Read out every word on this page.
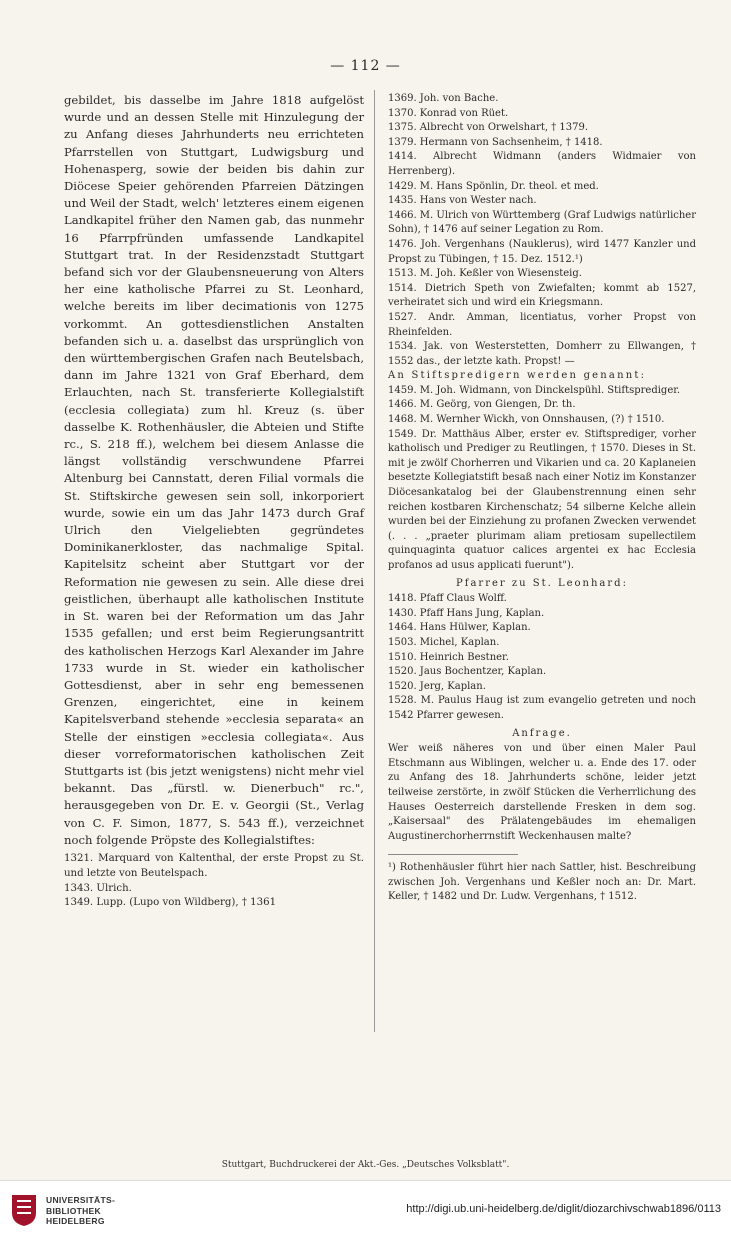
— 112 —

gebildet, bis dasselbe im Jahre 1818 aufgelöst wurde und an dessen Stelle mit Hinzulegung der zu Anfang dieses Jahrhunderts neu errichteten Pfarrstellen von Stuttgart, Ludwigsburg und Hohenasperg, sowie der beiden bis dahin zur Diöcese Speier gehörenden Pfarreien Dätzingen und Weil der Stadt, welch' letzteres einem eigenen Landkapitel früher den Namen gab, das nunmehr 16 Pfarrpfründen umfassende Landkapitel Stuttgart trat. In der Residenzstadt Stuttgart befand sich vor der Glaubensneuerung von Alters her eine katholische Pfarrei zu St. Leonhard, welche bereits im liber decimationis von 1275 vorkommt. An gottesdienstlichen Anstalten befanden sich u. a. daselbst das ursprünglich von den württembergischen Grafen nach Beutelsbach, dann im Jahre 1321 von Graf Eberhard, dem Erlauchten, nach St. transferierte Kollegialstift (ecclesia collegiata) zum hl. Kreuz (s. über dasselbe K. Rothenhäusler, die Abteien und Stifte rc., S. 218 ff.), welchem bei diesem Anlasse die längst vollständig verschwundene Pfarrei Altenburg bei Cannstatt, deren Filial vormals die St. Stiftskirche gewesen sein soll, inkorporiert wurde, sowie ein um das Jahr 1473 durch Graf Ulrich den Vielgeliebten gegründetes Dominikanerkloster, das nachmalige Spital. Kapitelsitz scheint aber Stuttgart vor der Reformation nie gewesen zu sein. Alle diese drei geistlichen, überhaupt alle katholischen Institute in St. waren bei der Reformation um das Jahr 1535 gefallen; und erst beim Regierungsantritt des katholischen Herzogs Karl Alexander im Jahre 1733 wurde in St. wieder ein katholischer Gottesdienst, aber in sehr eng bemessenen Grenzen, eingerichtet, eine in keinem Kapitelsverband stehende »ecclesia separata« an Stelle der einstigen »ecclesia collegiata«. Aus dieser vorreformatorischen katholischen Zeit Stuttgarts ist (bis jetzt wenigstens) nicht mehr viel bekannt. Das „fürstl. w. Dienerbuch" rc.", herausgegeben von Dr. E. v. Georgii (St., Verlag von C. F. Simon, 1877, S. 543 ff.), verzeichnet noch folgende Pröpste des Kollegialstiftes:

1321. Marquard von Kaltenthal, der erste Propst zu St. und letzte von Beutelspach.

1343. Ulrich.

1349. Lupp. (Lupo von Wildberg), † 1361

1369. Joh. von Bache.

1370. Konrad von Rüet.

1375. Albrecht von Orwelshart, † 1379.

1379. Hermann von Sachsenheim, † 1418.

1414. Albrecht Widmann (anders Widmaier von Herrenberg).

1429. M. Hans Spönlin, Dr. theol. et med.

1435. Hans von Wester nach.

1466. M. Ulrich von Württemberg (Graf Ludwigs natürlicher Sohn), † 1476 auf seiner Legation zu Rom.

1476. Joh. Vergenhans (Nauklerus), wird 1477 Kanzler und Propst zu Tübingen, † 15. Dez. 1512.¹)

1513. M. Joh. Keßler von Wiesensteig.

1514. Dietrich Speth von Zwiefalten; kommt ab 1527, verheiratet sich und wird ein Kriegsmann.

1527. Andr. Amman, licentiatus, vorher Propst von Rheinfelden.

1534. Jak. von Westerstetten, Domherr zu Ellwangen, † 1552 das., der letzte kath. Propst! —

An Stiftspredigern werden genannt:

1459. M. Joh. Widmann, von Dinckelspühl. Stiftsprediger.

1466. M. Geörg, von Giengen, Dr. th.

1468. M. Wernher Wickh, von Onnshausen, (?) † 1510.

1549. Dr. Matthäus Alber, erster ev. Stiftsprediger, vorher katholisch und Prediger zu Reutlingen, † 1570. Dieses in St. mit je zwölf Chorherren und Vikarien und ca. 20 Kaplaneien besetzte Kollegiatstift besaß nach einer Notiz im Konstanzer Diöcesankatalog bei der Glaubenstrennung einen sehr reichen kostbaren Kirchenschatz; 54 silberne Kelche allein wurden bei der Einziehung zu profanen Zwecken verwendet (. . . „praeter plurimam aliam pretiosam supellectilem quinquaginta quatuor calices argentei ex hac Ecclesia profanos ad usus applicati fuerunt").

Pfarrer zu St. Leonhard:

1418. Pfaff Claus Wolff.

1430. Pfaff Hans Jung, Kaplan.

1464. Hans Hülwer, Kaplan.

1503. Michel, Kaplan.

1510. Heinrich Bestner.

1520. Jaus Bochentzer, Kaplan.

1520. Jerg, Kaplan.

1528. M. Paulus Haug ist zum evangelio getreten und noch 1542 Pfarrer gewesen.

Anfrage.

Wer weiß näheres von und über einen Maler Paul Etschmann aus Wiblingen, welcher u. a. Ende des 17. oder zu Anfang des 18. Jahrhunderts schöne, leider jetzt teilweise zerstörte, in zwölf Stücken die Verherrlichung des Hauses Oesterreich darstellende Fresken in dem sog. „Kaisersaal" des Prälatengebäudes im ehemaligen Augustinerchorherrnstift Weckenhausen malte?

¹) Rothenhäusler führt hier nach Sattler, hist. Beschreibung zwischen Joh. Vergenhans und Keßler noch an: Dr. Mart. Keller, † 1482 und Dr. Ludw. Vergenhans, † 1512.

Stuttgart, Buchdruckerei der Akt.-Ges. „Deutsches Volksblatt".
UNIVERSITÄTS-
BIBLIOTHEK
HEIDELBERG
http://digi.ub.uni-heidelberg.de/diglit/diozarchivschwab1896/0113
